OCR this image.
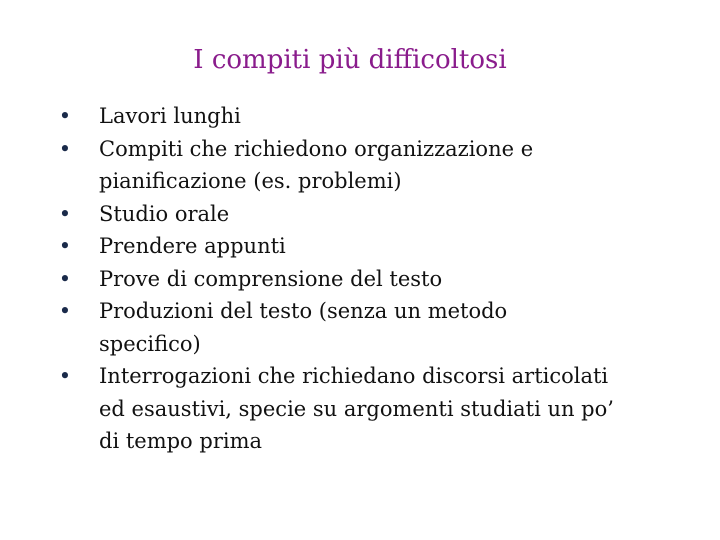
I compiti più difficoltosi
• Lavori lunghi
• Compiti che richiedono organizzazione e pianificazione (es. problemi)
• Studio orale
• Prendere appunti
• Prove di comprensione del testo
• Produzioni del testo (senza un metodo specifico)
• Interrogazioni che richiedano discorsi articolati ed esaustivi, specie su argomenti studiati un po’ di tempo prima
